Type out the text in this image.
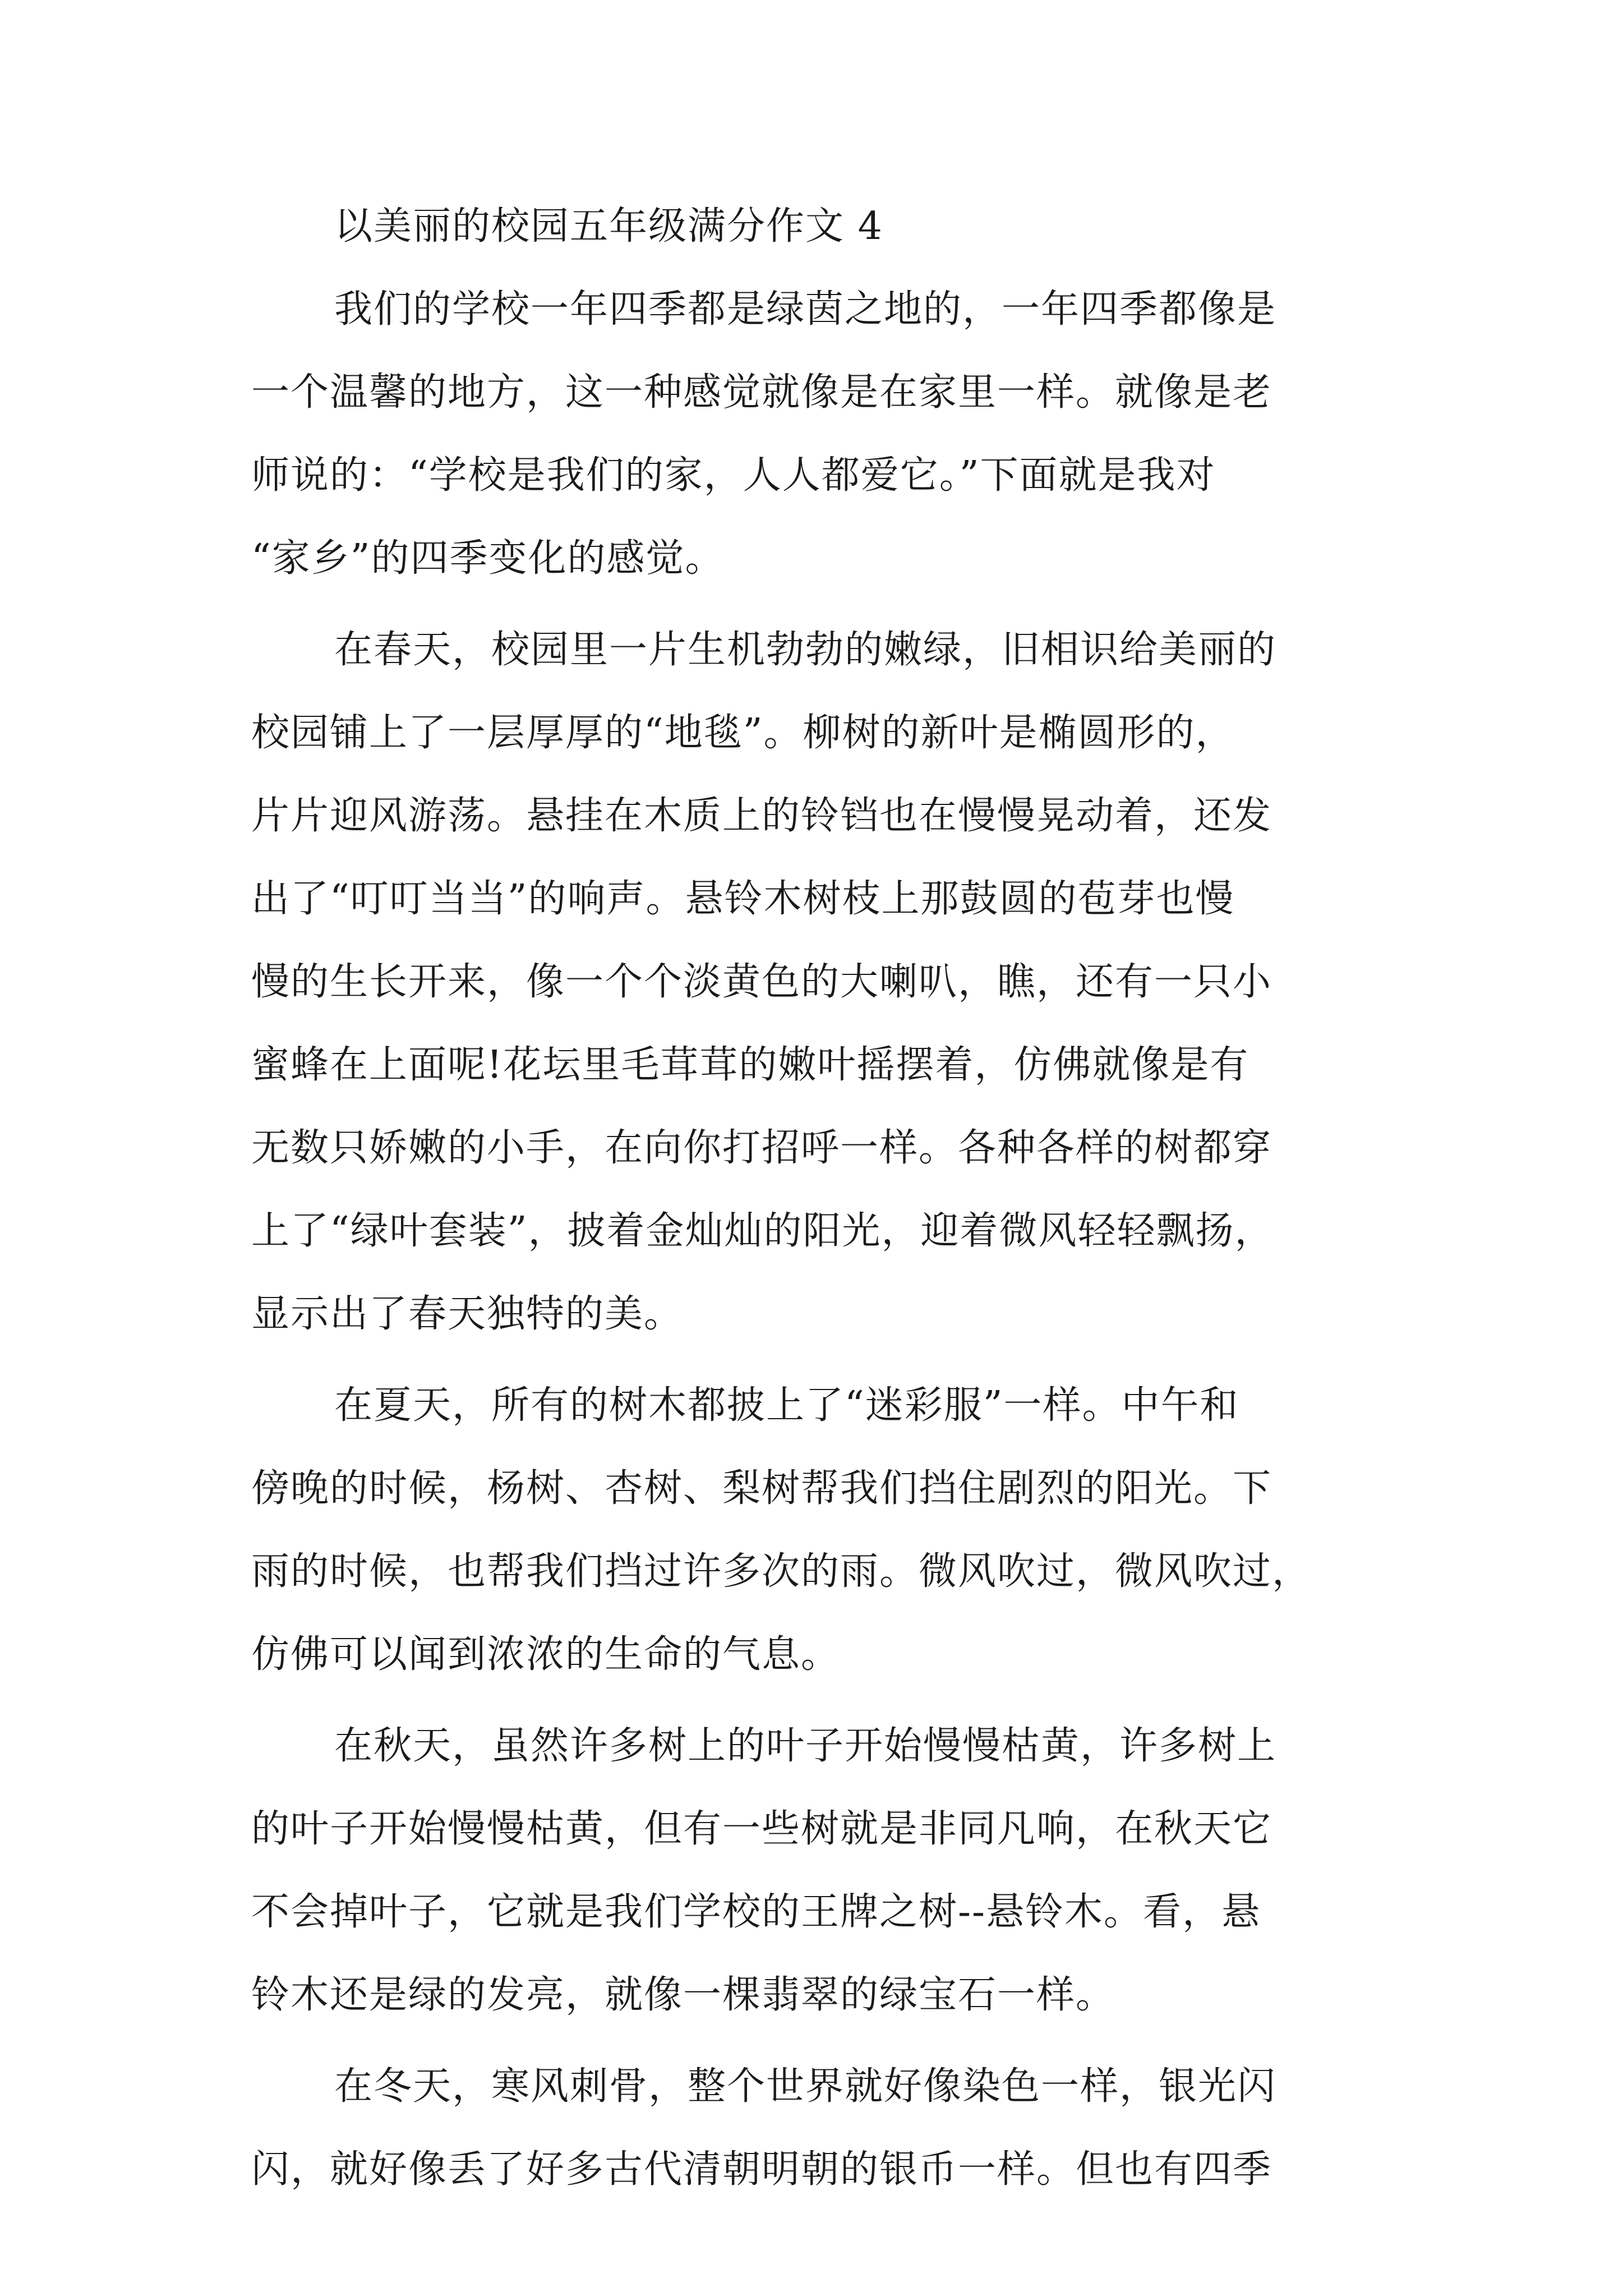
以美丽的校园五年级满分作文 4
我们的学校一年四季都是绿茵之地的，一年四季都像是
一个温馨的地方，这一种感觉就像是在家里一样。就像是老
师说的：“学校是我们的家，人人都爱它。”下面就是我对
“家乡”的四季变化的感觉。
在春天，校园里一片生机勃勃的嫩绿，旧相识给美丽的
校园铺上了一层厚厚的“地毯”。柳树的新叶是椭圆形的，
片片迎风游荡。悬挂在木质上的铃铛也在慢慢晃动着，还发
出了“叮叮当当”的响声。悬铃木树枝上那鼓圆的苞芽也慢
慢的生长开来，像一个个淡黄色的大喇叭，瞧，还有一只小
蜜蜂在上面呢!花坛里毛茸茸的嫩叶摇摆着，仿佛就像是有
无数只娇嫩的小手，在向你打招呼一样。各种各样的树都穿
上了“绿叶套装”，披着金灿灿的阳光，迎着微风轻轻飘扬，
显示出了春天独特的美。
在夏天，所有的树木都披上了“迷彩服”一样。中午和
傍晚的时候，杨树、杏树、梨树帮我们挡住剧烈的阳光。下
雨的时候，也帮我们挡过许多次的雨。微风吹过，微风吹过，
仿佛可以闻到浓浓的生命的气息。
在秋天，虽然许多树上的叶子开始慢慢枯黄，许多树上
的叶子开始慢慢枯黄，但有一些树就是非同凡响，在秋天它
不会掉叶子，它就是我们学校的王牌之树--悬铃木。看，悬
铃木还是绿的发亮，就像一棵翡翠的绿宝石一样。
在冬天，寒风刺骨，整个世界就好像染色一样，银光闪
闪，就好像丢了好多古代清朝明朝的银币一样。但也有四季
